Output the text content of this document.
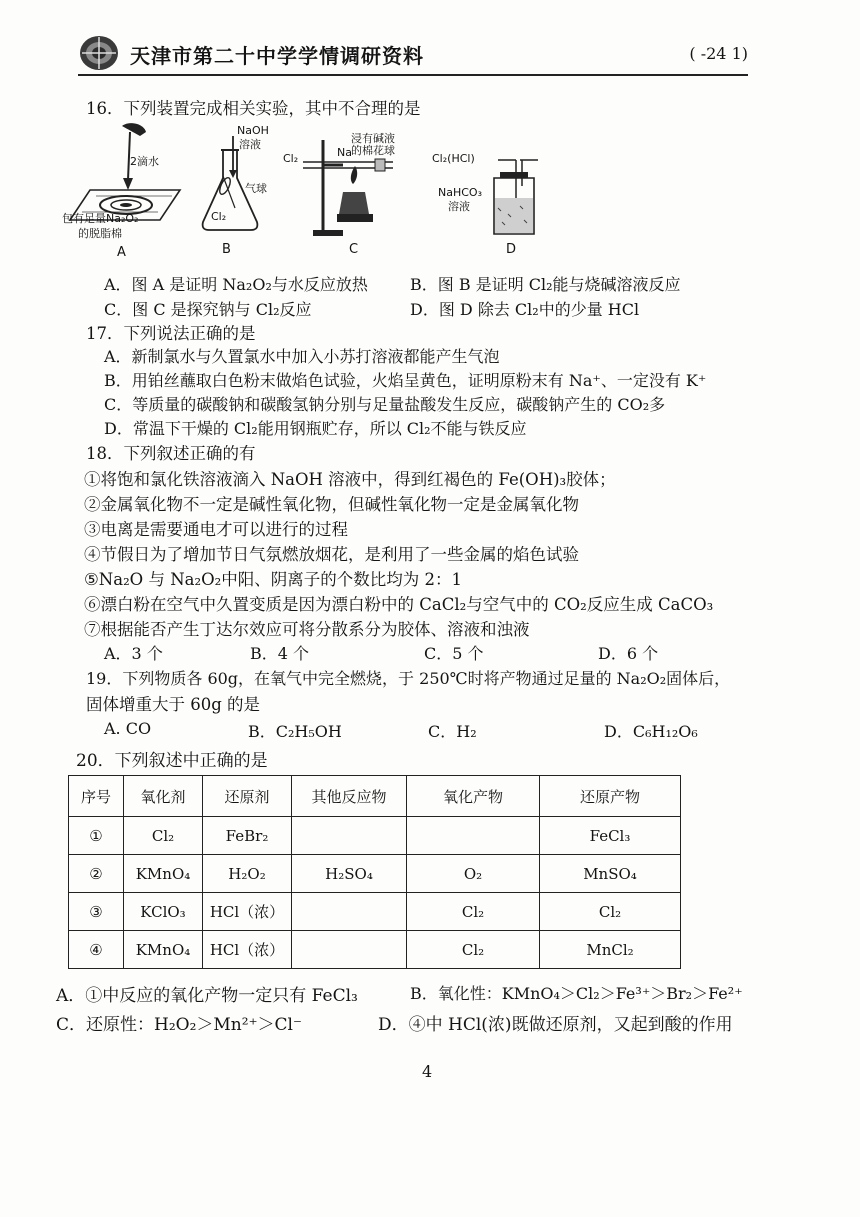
天津市第二十中学学情调研资料	( -24 1)
16．下列装置完成相关实验，其中不合理的是
2滴水
包有足量Na₂O₂
的脱脂棉
A
NaOH
溶液
气球
Cl₂
B
Cl₂	Na
浸有碱液
的棉花球
C
Cl₂(HCl)
NaHCO₃
溶液
D
A．图 A 是证明 Na₂O₂与水反应放热	B．图 B 是证明 Cl₂能与烧碱溶液反应
C．图 C 是探究钠与 Cl₂反应	D．图 D 除去 Cl₂中的少量 HCl
17．下列说法正确的是
A．新制氯水与久置氯水中加入小苏打溶液都能产生气泡
B．用铂丝蘸取白色粉末做焰色试验，火焰呈黄色，证明原粉末有 Na⁺、一定没有 K⁺
C．等质量的碳酸钠和碳酸氢钠分别与足量盐酸发生反应，碳酸钠产生的 CO₂多
D．常温下干燥的 Cl₂能用钢瓶贮存，所以 Cl₂不能与铁反应
18．下列叙述正确的有
①将饱和氯化铁溶液滴入 NaOH 溶液中，得到红褐色的 Fe(OH)₃胶体；
②金属氧化物不一定是碱性氧化物，但碱性氧化物一定是金属氧化物
③电离是需要通电才可以进行的过程
④节假日为了增加节日气氛燃放烟花，是利用了一些金属的焰色试验
⑤Na₂O 与 Na₂O₂中阳、阴离子的个数比均为 2：1
⑥漂白粉在空气中久置变质是因为漂白粉中的 CaCl₂与空气中的 CO₂反应生成 CaCO₃
⑦根据能否产生丁达尔效应可将分散系分为胶体、溶液和浊液
A．3 个	B．4 个	C．5 个	D．6 个
19．下列物质各 60g，在氧气中完全燃烧，于 250℃时将产物通过足量的 Na₂O₂固体后，
固体增重大于 60g 的是
A. CO	B．C₂H₅OH	C．H₂	D．C₆H₁₂O₆
20．下列叙述中正确的是
序号	氧化剂	还原剂	其他反应物	氧化产物	还原产物
①	Cl₂	FeBr₂			FeCl₃
②	KMnO₄	H₂O₂	H₂SO₄	O₂	MnSO₄
③	KClO₃	HCl（浓）		Cl₂	Cl₂
④	KMnO₄	HCl（浓）		Cl₂	MnCl₂
A．①中反应的氧化产物一定只有 FeCl₃	B．氧化性：KMnO₄＞Cl₂＞Fe³⁺＞Br₂＞Fe²⁺
C．还原性：H₂O₂＞Mn²⁺＞Cl⁻	D．④中 HCl(浓)既做还原剂，又起到酸的作用
4
